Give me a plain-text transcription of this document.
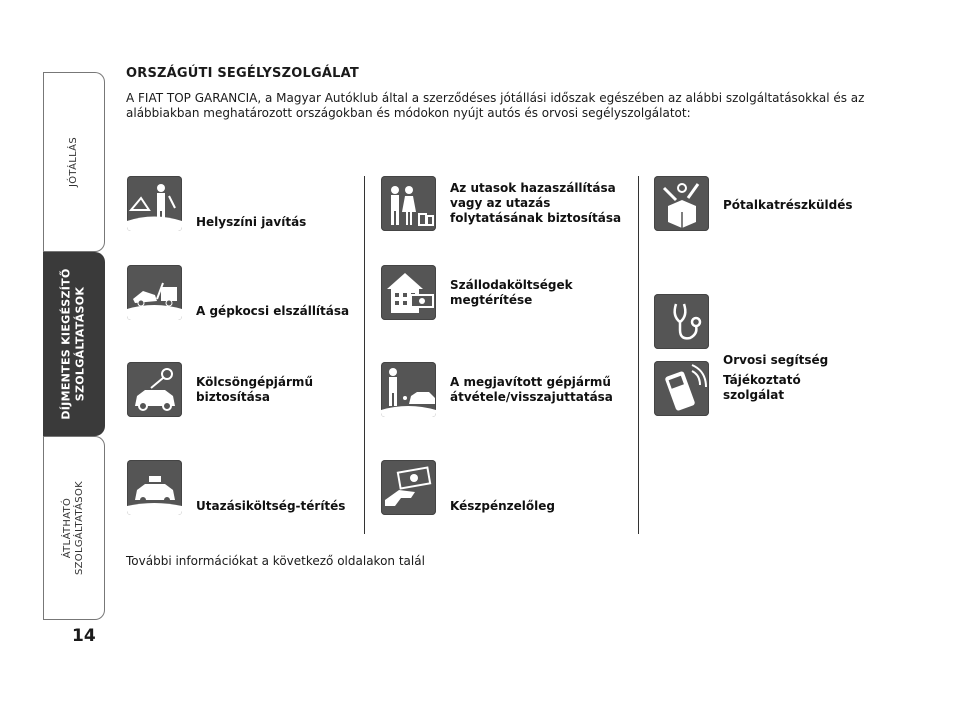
JÓTÁLLÁS
DÍJMENTES KIEGÉSZÍTŐ SZOLGÁLTATÁSOK
ÁTLÁTHATÓ SZOLGÁLTATÁSOK
14
ORSZÁGÚTI SEGÉLYSZOLGÁLAT
A FIAT TOP GARANCIA, a Magyar Autóklub által a szerződéses jótállási időszak egészében az alábbi szolgáltatásokkal és az alábbiakban meghatározott országokban és módokon nyújt autós és orvosi segélyszolgálatot:
Helyszíni javítás
A gépkocsi elszállítása
Kölcsöngépjármű
biztosítása
Utazásiköltség-térítés
Az utasok hazaszállítása
vagy az utazás
folytatásának biztosítása
Szállodaköltségek
megtérítése
A megjavított gépjármű
átvétele/visszajuttatása
Készpénzelőleg
Pótalkatrészküldés
Orvosi segítség
Tájékoztató
szolgálat
További információkat a következő oldalakon talál
